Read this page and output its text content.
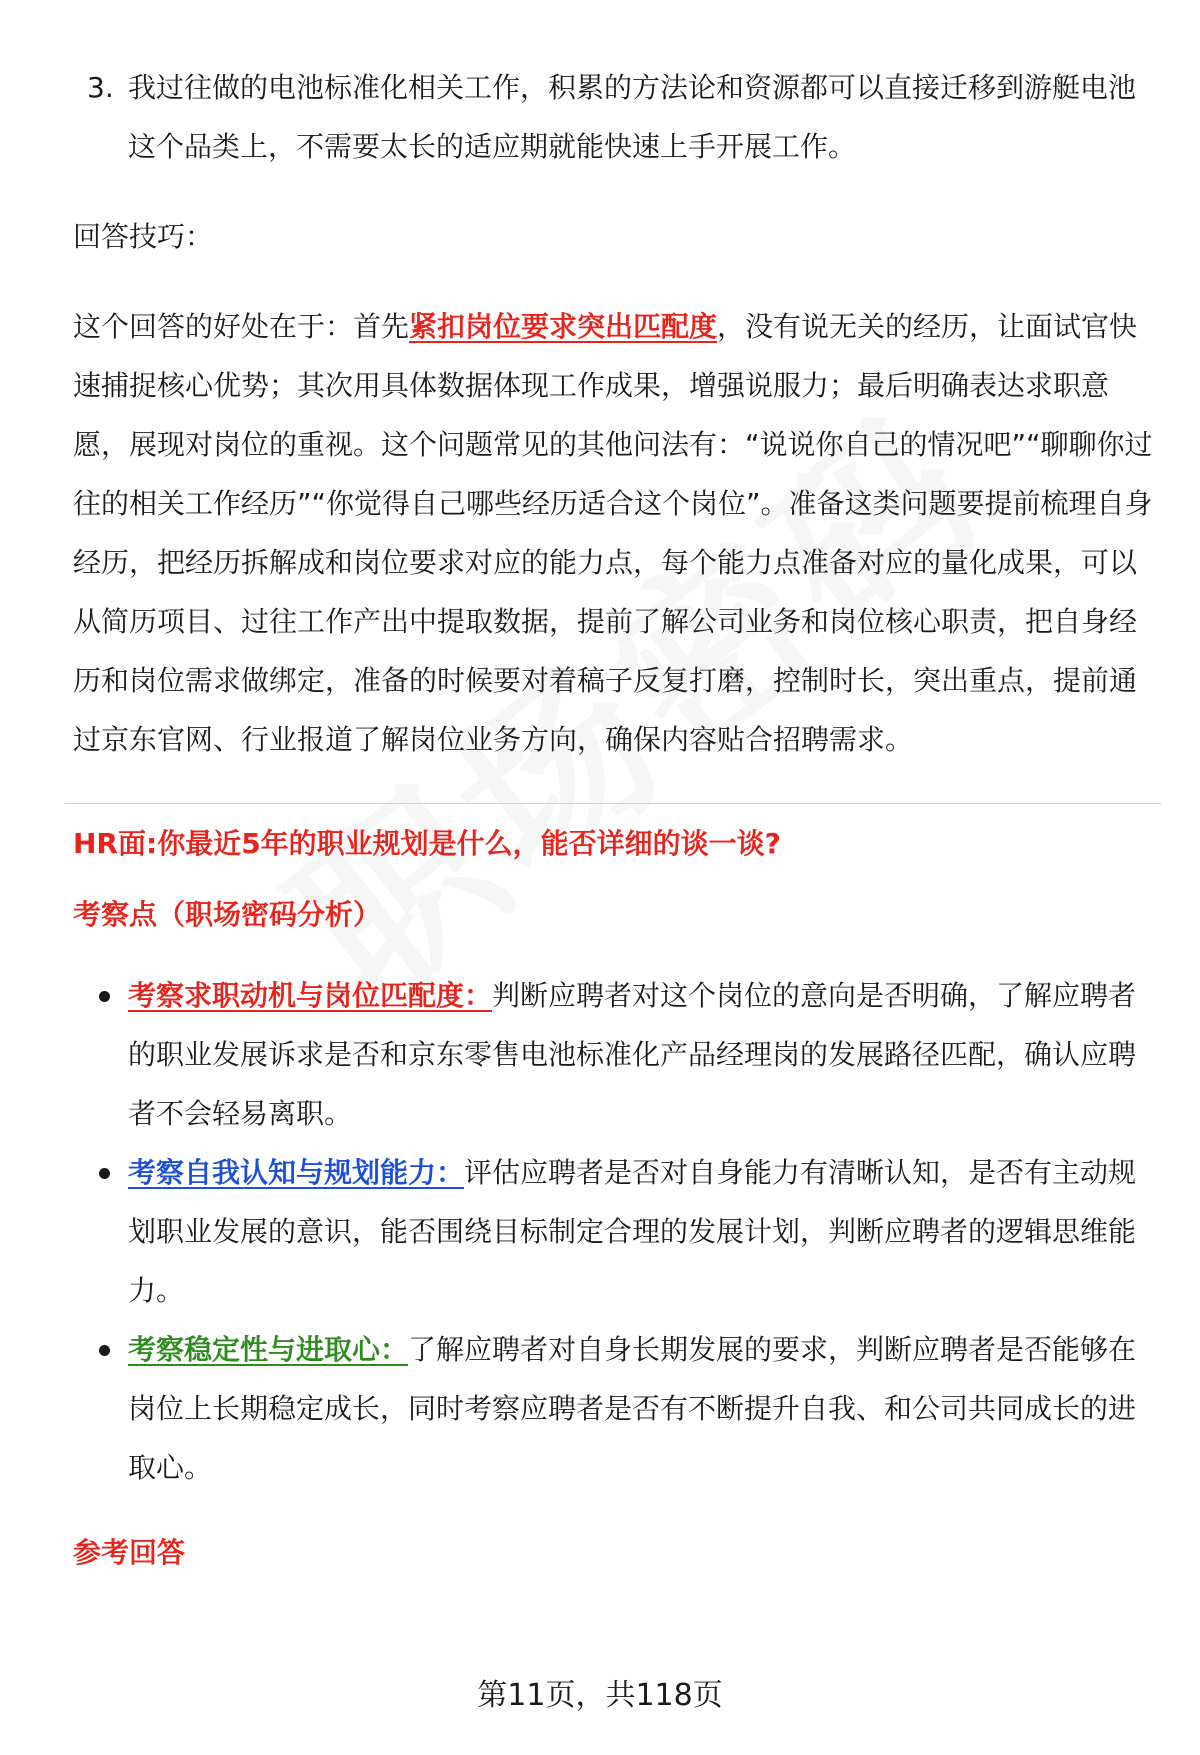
3. 我过往做的电池标准化相关工作，积累的方法论和资源都可以直接迁移到游艇电池这个品类上，不需要太长的适应期就能快速上手开展工作。

回答技巧：

这个回答的好处在于：首先紧扣岗位要求突出匹配度，没有说无关的经历，让面试官快速捕捉核心优势；其次用具体数据体现工作成果，增强说服力；最后明确表达求职意愿，展现对岗位的重视。这个问题常见的其他问法有：“说说你自己的情况吧”“聊聊你过往的相关工作经历”“你觉得自己哪些经历适合这个岗位”。准备这类问题要提前梳理自身经历，把经历拆解成和岗位要求对应的能力点，每个能力点准备对应的量化成果，可以从简历项目、过往工作产出中提取数据，提前了解公司业务和岗位核心职责，把自身经历和岗位需求做绑定，准备的时候要对着稿子反复打磨，控制时长，突出重点，提前通过京东官网、行业报道了解岗位业务方向，确保内容贴合招聘需求。

HR面:你最近5年的职业规划是什么，能否详细的谈一谈?

考察点（职场密码分析）

考察求职动机与岗位匹配度：判断应聘者对这个岗位的意向是否明确，了解应聘者的职业发展诉求是否和京东零售电池标准化产品经理岗的发展路径匹配，确认应聘者不会轻易离职。
考察自我认知与规划能力：评估应聘者是否对自身能力有清晰认知，是否有主动规划职业发展的意识，能否围绕目标制定合理的发展计划，判断应聘者的逻辑思维能力。
考察稳定性与进取心：了解应聘者对自身长期发展的要求，判断应聘者是否能够在岗位上长期稳定成长，同时考察应聘者是否有不断提升自我、和公司共同成长的进取心。

参考回答

第11页，共118页
